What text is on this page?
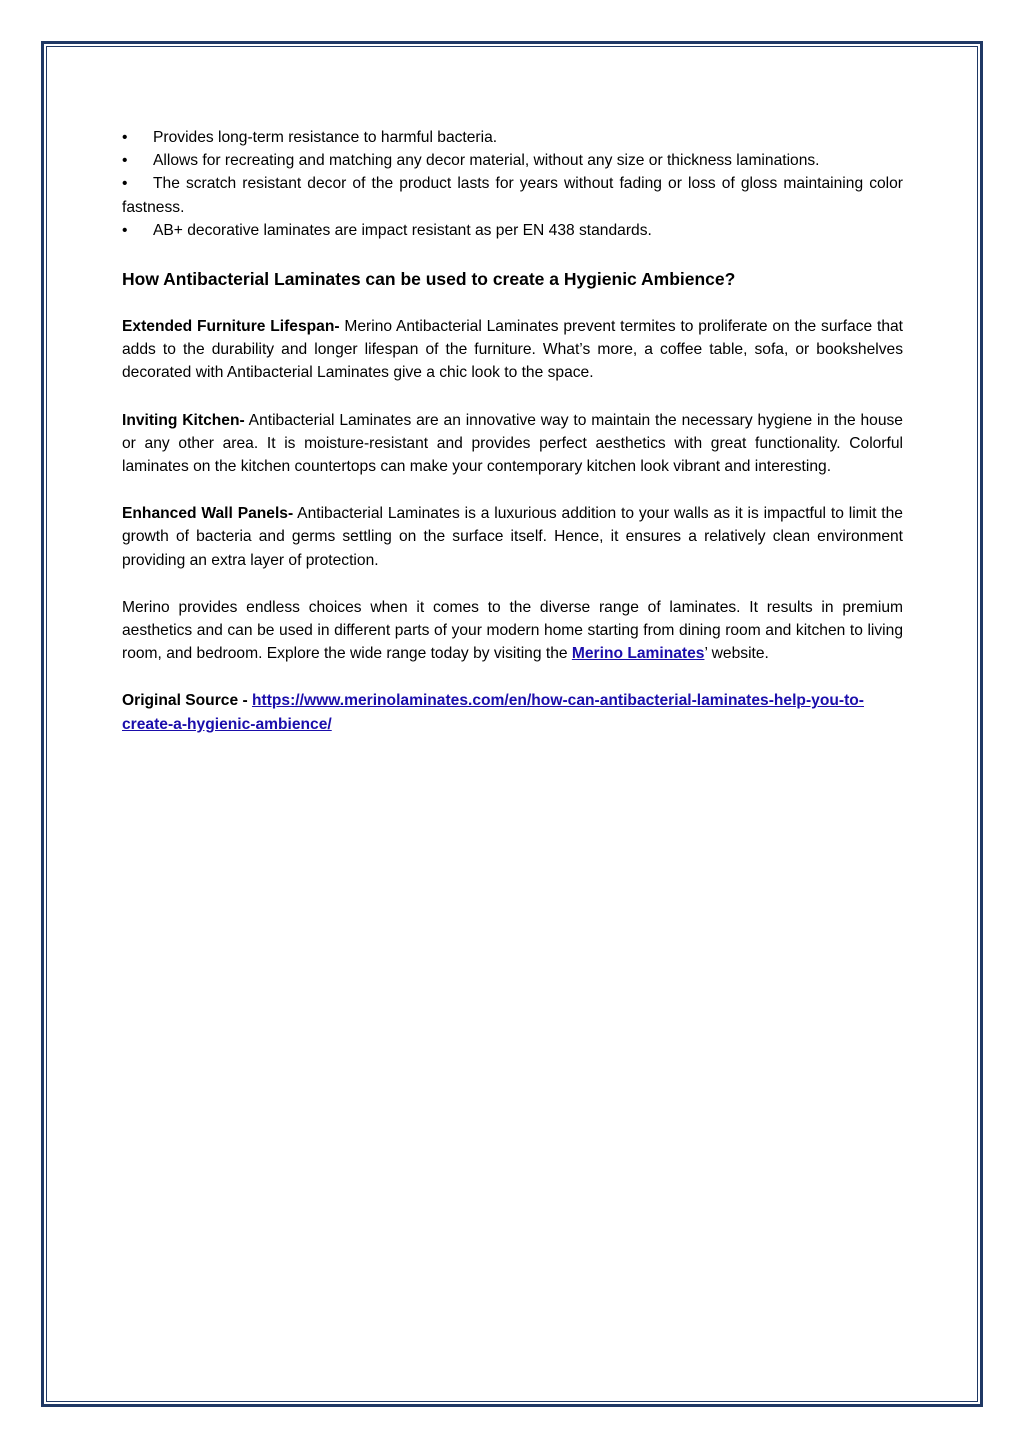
• Provides long-term resistance to harmful bacteria.
• Allows for recreating and matching any decor material, without any size or thickness laminations.
• The scratch resistant decor of the product lasts for years without fading or loss of gloss maintaining color fastness.
• AB+ decorative laminates are impact resistant as per EN 438 standards.
How Antibacterial Laminates can be used to create a Hygienic Ambience?

Extended Furniture Lifespan- Merino Antibacterial Laminates prevent termites to proliferate on the surface that adds to the durability and longer lifespan of the furniture. What’s more, a coffee table, sofa, or bookshelves decorated with Antibacterial Laminates give a chic look to the space.

Inviting Kitchen- Antibacterial Laminates are an innovative way to maintain the necessary hygiene in the house or any other area. It is moisture-resistant and provides perfect aesthetics with great functionality. Colorful laminates on the kitchen countertops can make your contemporary kitchen look vibrant and interesting.

Enhanced Wall Panels- Antibacterial Laminates is a luxurious addition to your walls as it is impactful to limit the growth of bacteria and germs settling on the surface itself. Hence, it ensures a relatively clean environment providing an extra layer of protection.

Merino provides endless choices when it comes to the diverse range of laminates. It results in premium aesthetics and can be used in different parts of your modern home starting from dining room and kitchen to living room, and bedroom. Explore the wide range today by visiting the Merino Laminates’ website.

Original Source - https://www.merinolaminates.com/en/how-can-antibacterial-laminates-help-you-to-create-a-hygienic-ambience/
